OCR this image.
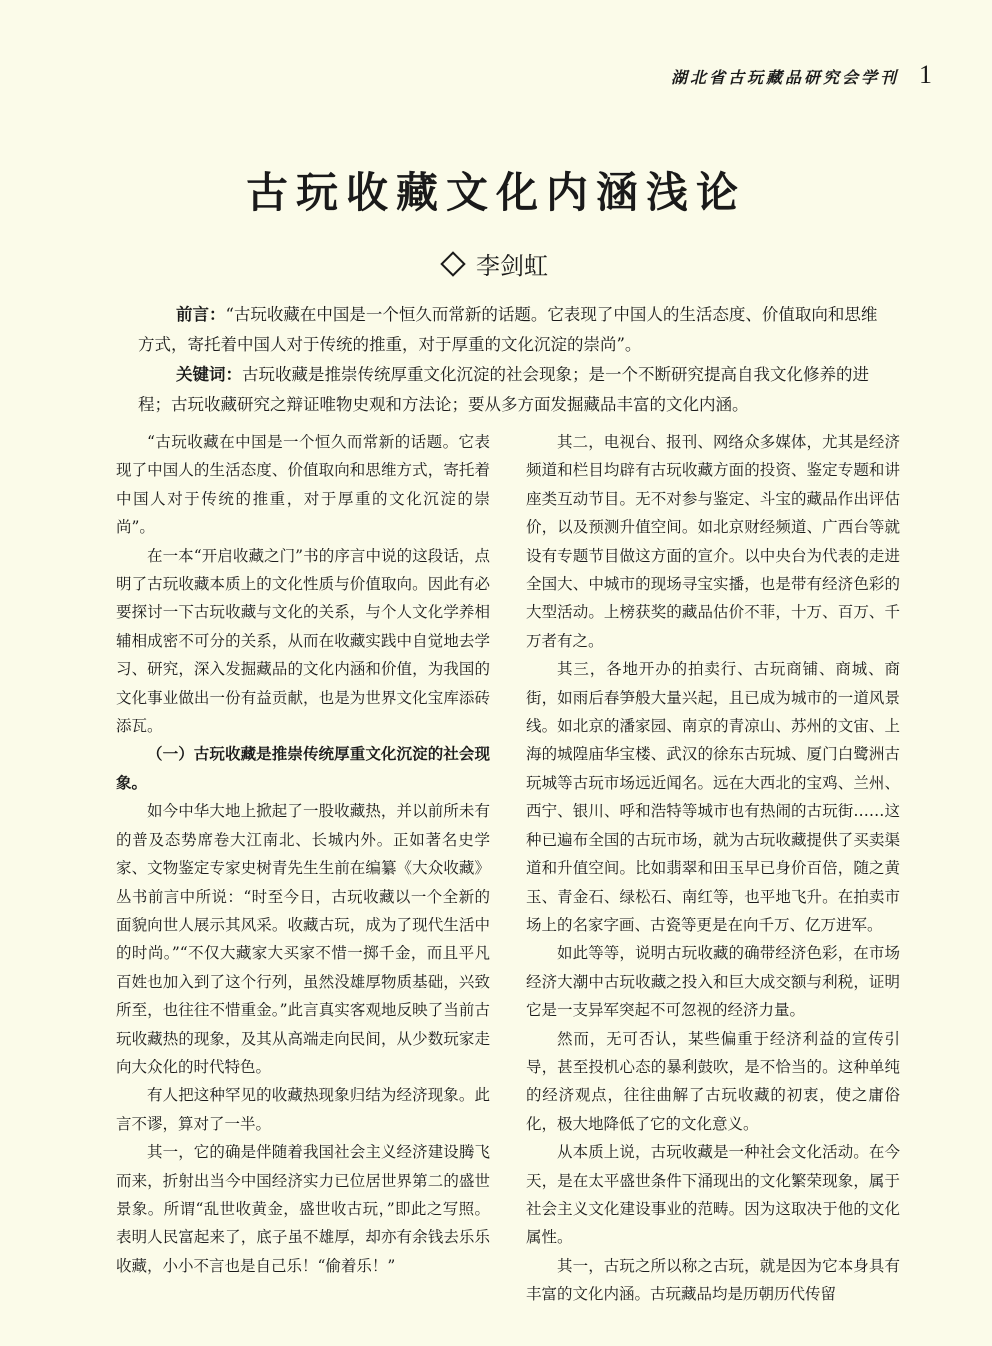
湖北省古玩藏品研究会学刊 1
古玩收藏文化内涵浅论
李剑虹

前言：“古玩收藏在中国是一个恒久而常新的话题。它表现了中国人的生活态度、价值取向和思维方式，寄托着中国人对于传统的推重，对于厚重的文化沉淀的崇尚”。

关键词：古玩收藏是推崇传统厚重文化沉淀的社会现象；是一个不断研究提高自我文化修养的进程；古玩收藏研究之辩证唯物史观和方法论；要从多方面发掘藏品丰富的文化内涵。

“古玩收藏在中国是一个恒久而常新的话题。它表现了中国人的生活态度、价值取向和思维方式，寄托着中国人对于传统的推重，对于厚重的文化沉淀的崇尚”。

在一本“开启收藏之门”书的序言中说的这段话，点明了古玩收藏本质上的文化性质与价值取向。因此有必要探讨一下古玩收藏与文化的关系，与个人文化学养相辅相成密不可分的关系，从而在收藏实践中自觉地去学习、研究，深入发掘藏品的文化内涵和价值，为我国的文化事业做出一份有益贡献，也是为世界文化宝库添砖添瓦。

（一）古玩收藏是推崇传统厚重文化沉淀的社会现象。

如今中华大地上掀起了一股收藏热，并以前所未有的普及态势席卷大江南北、长城内外。正如著名史学家、文物鉴定专家史树青先生生前在编纂《大众收藏》丛书前言中所说：“时至今日，古玩收藏以一个全新的面貌向世人展示其风采。收藏古玩，成为了现代生活中的时尚。”“不仅大藏家大买家不惜一掷千金，而且平凡百姓也加入到了这个行列，虽然没雄厚物质基础，兴致所至，也往往不惜重金。”此言真实客观地反映了当前古玩收藏热的现象，及其从高端走向民间，从少数玩家走向大众化的时代特色。

有人把这种罕见的收藏热现象归结为经济现象。此言不谬，算对了一半。

其一，它的确是伴随着我国社会主义经济建设腾飞而来，折射出当今中国经济实力已位居世界第二的盛世景象。所谓“乱世收黄金，盛世收古玩，”即此之写照。表明人民富起来了，底子虽不雄厚，却亦有余钱去乐乐收藏，小小不言也是自己乐！“偷着乐！”

其二，电视台、报刊、网络众多媒体，尤其是经济频道和栏目均辟有古玩收藏方面的投资、鉴定专题和讲座类互动节目。无不对参与鉴定、斗宝的藏品作出评估价，以及预测升值空间。如北京财经频道、广西台等就设有专题节目做这方面的宣介。以中央台为代表的走进全国大、中城市的现场寻宝实播，也是带有经济色彩的大型活动。上榜获奖的藏品估价不菲，十万、百万、千万者有之。

其三，各地开办的拍卖行、古玩商铺、商城、商街，如雨后春笋般大量兴起，且已成为城市的一道风景线。如北京的潘家园、南京的青凉山、苏州的文宙、上海的城隍庙华宝楼、武汉的徐东古玩城、厦门白鹭洲古玩城等古玩市场远近闻名。远在大西北的宝鸡、兰州、西宁、银川、呼和浩特等城市也有热闹的古玩街……这种已遍布全国的古玩市场，就为古玩收藏提供了买卖渠道和升值空间。比如翡翠和田玉早已身价百倍，随之黄玉、青金石、绿松石、南红等，也平地飞升。在拍卖市场上的名家字画、古瓷等更是在向千万、亿万进军。

如此等等，说明古玩收藏的确带经济色彩，在市场经济大潮中古玩收藏之投入和巨大成交额与利税，证明它是一支异军突起不可忽视的经济力量。

然而，无可否认，某些偏重于经济利益的宣传引导，甚至投机心态的暴利鼓吹，是不恰当的。这种单纯的经济观点，往往曲解了古玩收藏的初衷，使之庸俗化，极大地降低了它的文化意义。

从本质上说，古玩收藏是一种社会文化活动。在今天，是在太平盛世条件下涌现出的文化繁荣现象，属于社会主义文化建设事业的范畴。因为这取决于他的文化属性。

其一，古玩之所以称之古玩，就是因为它本身具有丰富的文化内涵。古玩藏品均是历朝历代传留
